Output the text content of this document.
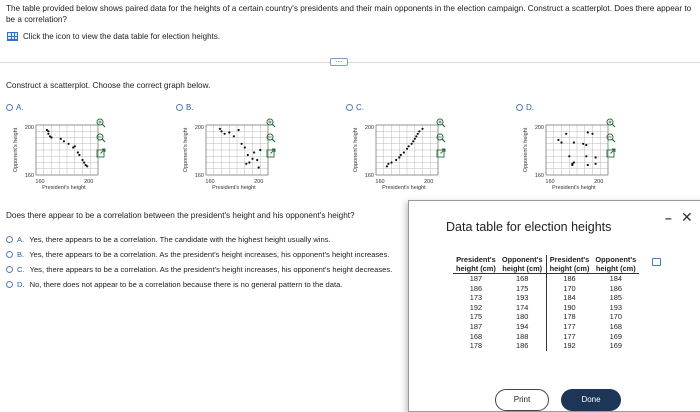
The table provided below shows paired data for the heights of a certain country's presidents and their main opponents in the election campaign. Construct a scatterplot. Does there appear to be a correlation?
Click the icon to view the data table for election heights.
....
Construct a scatterplot. Choose the correct graph below.
A.
200
160
160	200
President's height
Opponent's height
B.
200
160
160	200
President's height
Opponent's height
C.
200
160
160	200
President's height
Opponent's height
D.
200
160
160	200
President's height
Opponent's height
Does there appear to be a correlation between the president's height and his opponent's height?
A. Yes, there appears to be a correlation. The candidate with the highest height usually wins.
B. Yes, there appears to be a correlation. As the president's height increases, his opponent's height increases.
C. Yes, there appears to be a correlation. As the president's height increases, his opponent's height decreases.
D. No, there does not appear to be a correlation because there is no general pattern to the data.
Data table for election heights
– ✕
President's	Opponent's	President's	Opponent's
height (cm)	height (cm)	height (cm)	height (cm)
187	168	186	184
186	175	170	186
173	193	184	185
192	174	190	193
175	180	178	170
187	194	177	168
168	188	177	169
178	186	192	169
Print	Done
